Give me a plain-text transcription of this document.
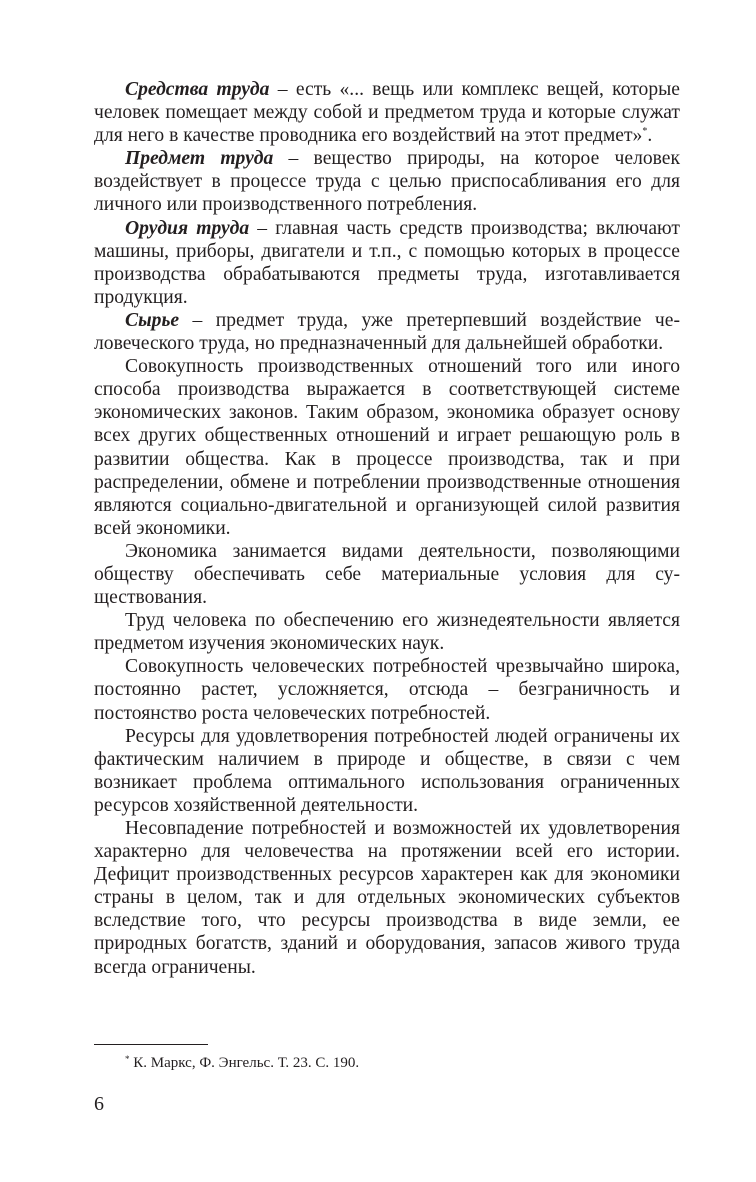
Средства труда – есть «... вещь или комплекс вещей, которые человек помещает между собой и предметом труда и которые служат для него в качестве проводника его воздействий на этот предмет»*.

Предмет труда – вещество природы, на которое человек воздействует в процессе труда с целью приспосабливания его для личного или производственного потребления.

Орудия труда – главная часть средств производства; включают машины, приборы, двигатели и т.п., с помощью которых в процессе производства обрабатываются предметы труда, изготавливается продукция.

Сырье – предмет труда, уже претерпевший воздействие человеческого труда, но предназначенный для дальнейшей обработки.

Совокупность производственных отношений того или иного способа производства выражается в соответствующей системе экономических законов. Таким образом, экономика образует основу всех других общественных отношений и играет решающую роль в развитии общества. Как в процессе производства, так и при распределении, обмене и потреблении производственные отношения являются социально-двигательной и организующей силой развития всей экономики.

Экономика занимается видами деятельности, позволяющими обществу обеспечивать себе материальные условия для существования.

Труд человека по обеспечению его жизнедеятельности является предметом изучения экономических наук.

Совокупность человеческих потребностей чрезвычайно широка, постоянно растет, усложняется, отсюда – безграничность и постоянство роста человеческих потребностей.

Ресурсы для удовлетворения потребностей людей ограничены их фактическим наличием в природе и обществе, в связи с чем возникает проблема оптимального использования ограниченных ресурсов хозяйственной деятельности.

Несовпадение потребностей и возможностей их удовлетворения характерно для человечества на протяжении всей его истории. Дефицит производственных ресурсов характерен как для экономики страны в целом, так и для отдельных экономических субъектов вследствие того, что ресурсы производства в виде земли, ее природных богатств, зданий и оборудования, запасов живого труда всегда ограничены.

* К. Маркс, Ф. Энгельс. Т. 23. С. 190.
6
